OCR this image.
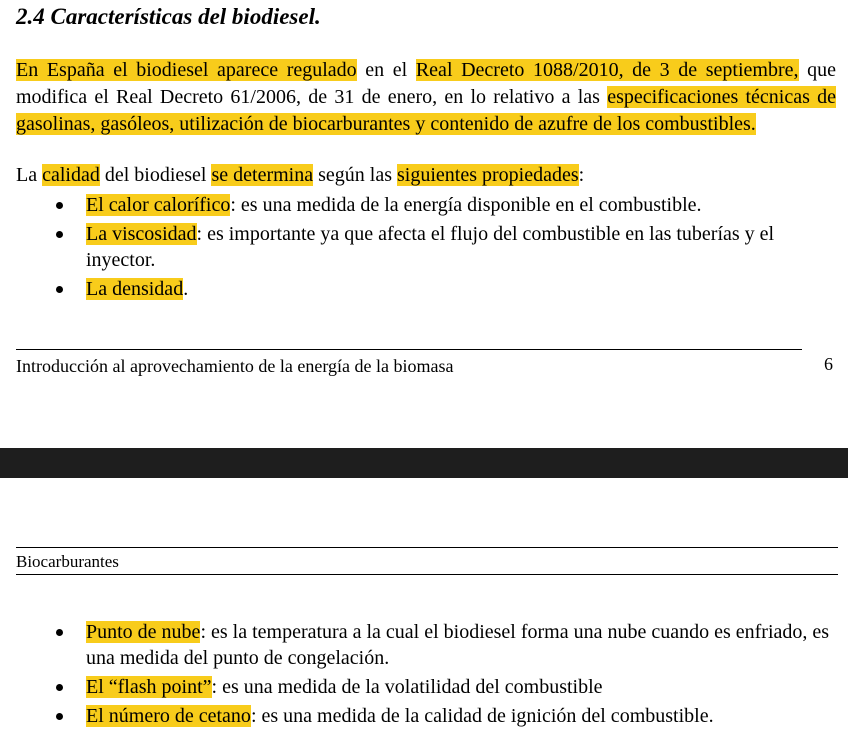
2.4 Características del biodiesel.
En España el biodiesel aparece regulado en el Real Decreto 1088/2010, de 3 de septiembre, que modifica el Real Decreto 61/2006, de 31 de enero, en lo relativo a las especificaciones técnicas de gasolinas, gasóleos, utilización de biocarburantes y contenido de azufre de los combustibles.
La calidad del biodiesel se determina según las siguientes propiedades:
El calor calorífico: es una medida de la energía disponible en el combustible.
La viscosidad: es importante ya que afecta el flujo del combustible en las tuberías y el inyector.
La densidad.
Introducción al aprovechamiento de la energía de la biomasa	6
Biocarburantes
Punto de nube: es la temperatura a la cual el biodiesel forma una nube cuando es enfriado, es una medida del punto de congelación.
El “flash point”: es una medida de la volatilidad del combustible
El número de cetano: es una medida de la calidad de ignición del combustible.
